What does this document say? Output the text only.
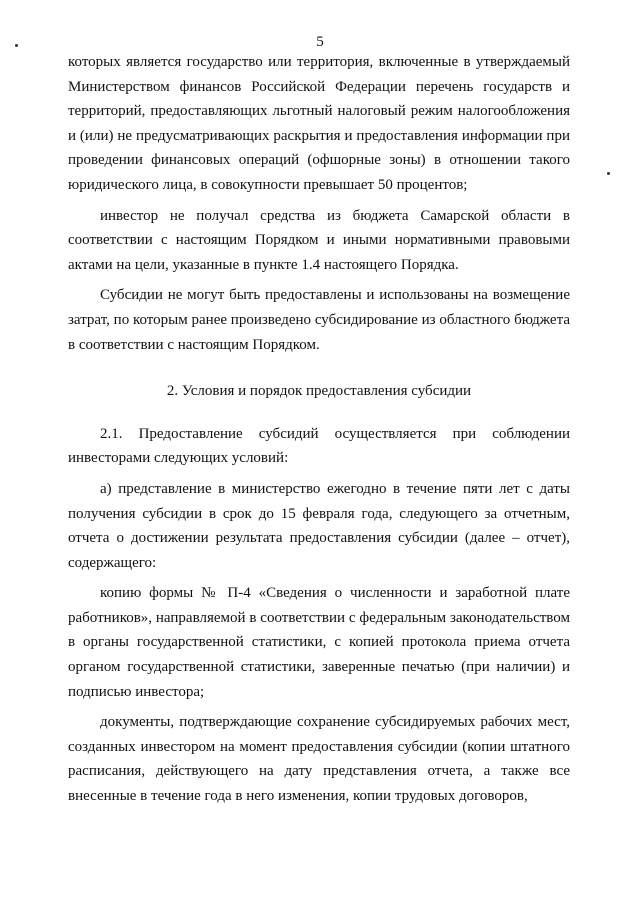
5

которых является государство или территория, включенные в утверждаемый Министерством финансов Российской Федерации перечень государств и территорий, предоставляющих льготный налоговый режим налогообложения и (или) не предусматривающих раскрытия и предоставления информации при проведении финансовых операций (офшорные зоны) в отношении такого юридического лица, в совокупности превышает 50 процентов;

инвестор не получал средства из бюджета Самарской области в соответствии с настоящим Порядком и иными нормативными правовыми актами на цели, указанные в пункте 1.4 настоящего Порядка.

Субсидии не могут быть предоставлены и использованы на возмещение затрат, по которым ранее произведено субсидирование из областного бюджета в соответствии с настоящим Порядком.

2. Условия и порядок предоставления субсидии

2.1. Предоставление субсидий осуществляется при соблюдении инвесторами следующих условий:

а) представление в министерство ежегодно в течение пяти лет с даты получения субсидии в срок до 15 февраля года, следующего за отчетным, отчета о достижении результата предоставления субсидии (далее – отчет), содержащего:

копию формы № П-4 «Сведения о численности и заработной плате работников», направляемой в соответствии с федеральным законодательством в органы государственной статистики, с копией протокола приема отчета органом государственной статистики, заверенные печатью (при наличии) и подписью инвестора;

документы, подтверждающие сохранение субсидируемых рабочих мест, созданных инвестором на момент предоставления субсидии (копии штатного расписания, действующего на дату представления отчета, а также все внесенные в течение года в него изменения, копии трудовых договоров,
